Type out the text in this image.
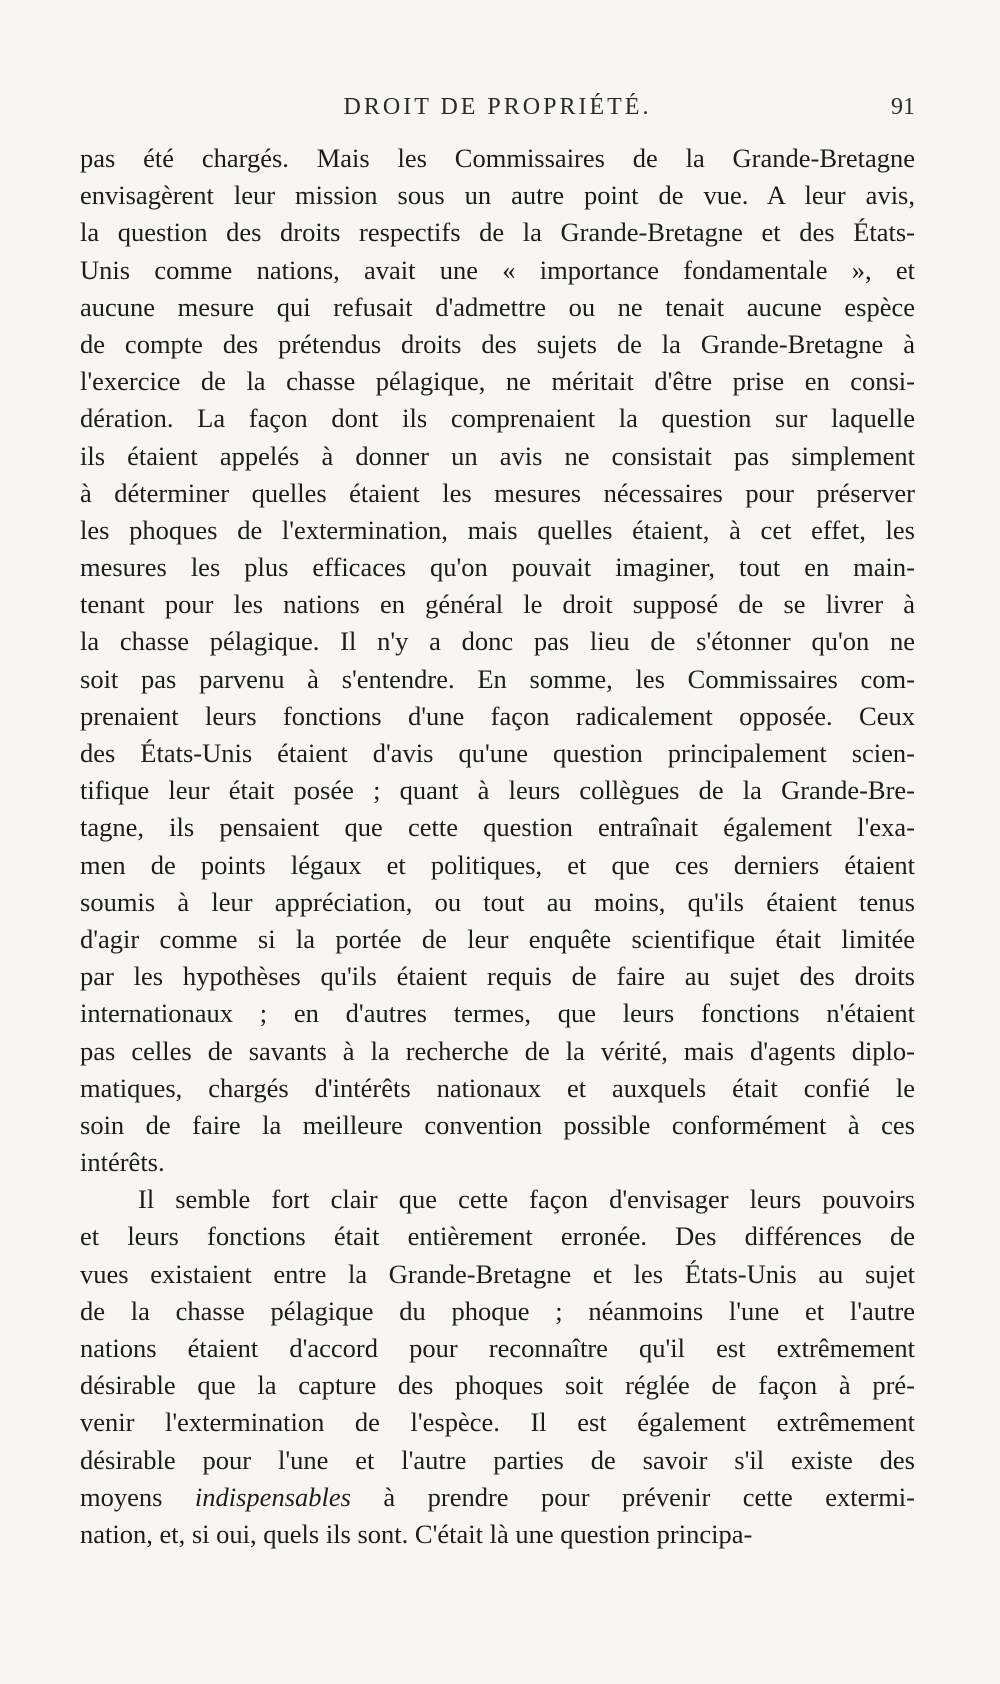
DROIT DE PROPRIÉTÉ.	91
pas été chargés. Mais les Commissaires de la Grande-Bretagne
envisagèrent leur mission sous un autre point de vue. A leur avis,
la question des droits respectifs de la Grande-Bretagne et des États-
Unis comme nations, avait une « importance fondamentale », et
aucune mesure qui refusait d'admettre ou ne tenait aucune espèce
de compte des prétendus droits des sujets de la Grande-Bretagne à
l'exercice de la chasse pélagique, ne méritait d'être prise en consi-
dération. La façon dont ils comprenaient la question sur laquelle
ils étaient appelés à donner un avis ne consistait pas simplement
à déterminer quelles étaient les mesures nécessaires pour préserver
les phoques de l'extermination, mais quelles étaient, à cet effet, les
mesures les plus efficaces qu'on pouvait imaginer, tout en main-
tenant pour les nations en général le droit supposé de se livrer à
la chasse pélagique. Il n'y a donc pas lieu de s'étonner qu'on ne
soit pas parvenu à s'entendre. En somme, les Commissaires com-
prenaient leurs fonctions d'une façon radicalement opposée. Ceux
des États-Unis étaient d'avis qu'une question principalement scien-
tifique leur était posée ; quant à leurs collègues de la Grande-Bre-
tagne, ils pensaient que cette question entraînait également l'exa-
men de points légaux et politiques, et que ces derniers étaient
soumis à leur appréciation, ou tout au moins, qu'ils étaient tenus
d'agir comme si la portée de leur enquête scientifique était limitée
par les hypothèses qu'ils étaient requis de faire au sujet des droits
internationaux ; en d'autres termes, que leurs fonctions n'étaient
pas celles de savants à la recherche de la vérité, mais d'agents diplo-
matiques, chargés d'intérêts nationaux et auxquels était confié le
soin de faire la meilleure convention possible conformément à ces
intérêts.
Il semble fort clair que cette façon d'envisager leurs pouvoirs
et leurs fonctions était entièrement erronée. Des différences de
vues existaient entre la Grande-Bretagne et les États-Unis au sujet
de la chasse pélagique du phoque ; néanmoins l'une et l'autre
nations étaient d'accord pour reconnaître qu'il est extrêmement
désirable que la capture des phoques soit réglée de façon à pré-
venir l'extermination de l'espèce. Il est également extrêmement
désirable pour l'une et l'autre parties de savoir s'il existe des
moyens indispensables à prendre pour prévenir cette extermi-
nation, et, si oui, quels ils sont. C'était là une question principa-
